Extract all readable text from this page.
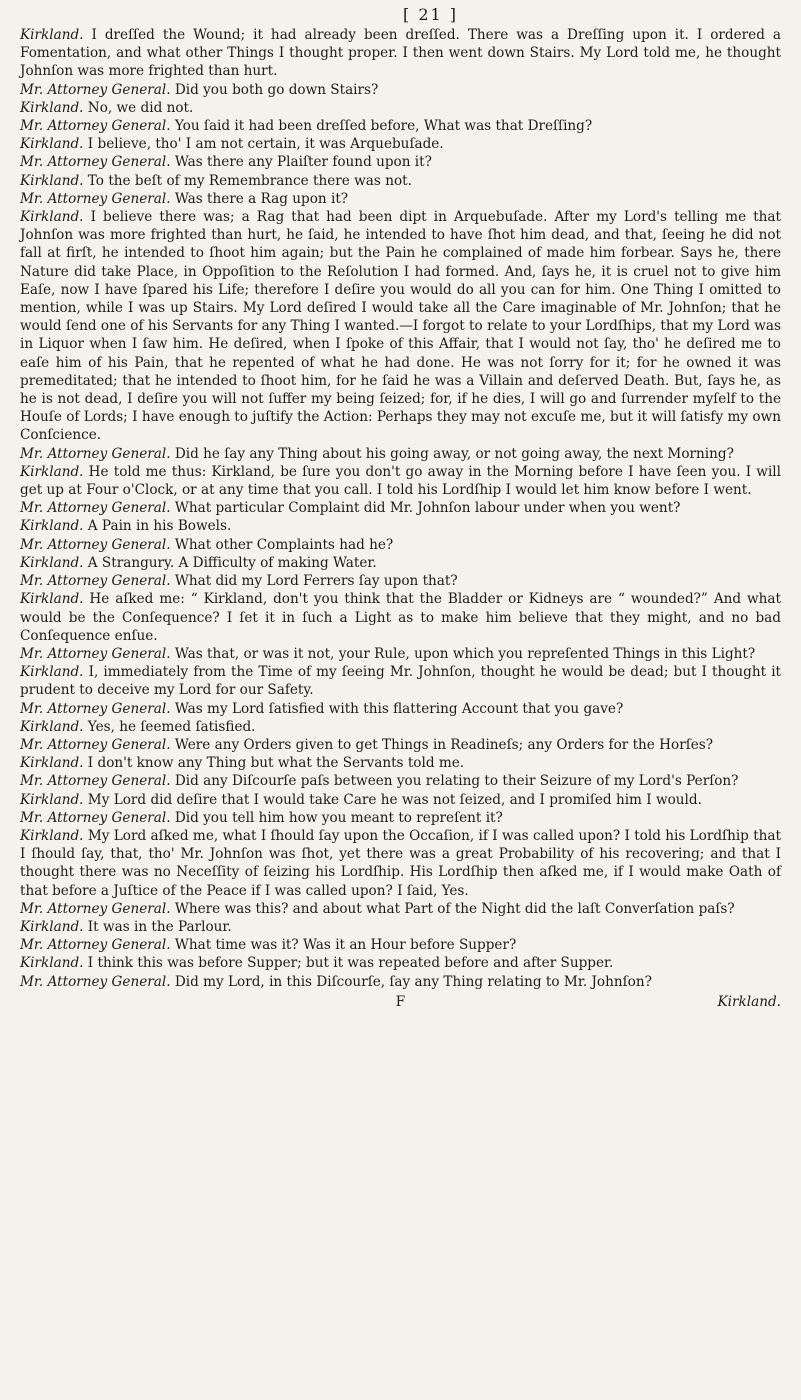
[ 21 ]

Kirkland. I dreſſed the Wound; it had already been dreſſed. There was a Dreſſing upon it. I ordered a Fomentation, and what other Things I thought proper. I then went down Stairs. My Lord told me, he thought Johnſon was more frighted than hurt.

Mr. Attorney General. Did you both go down Stairs?

Kirkland. No, we did not.

Mr. Attorney General. You ſaid it had been dreſſed before, What was that Dreſſing?

Kirkland. I believe, tho' I am not certain, it was Arquebuſade.

Mr. Attorney General. Was there any Plaiſter found upon it?

Kirkland. To the beſt of my Remembrance there was not.

Mr. Attorney General. Was there a Rag upon it?

Kirkland. I believe there was; a Rag that had been dipt in Arquebuſade. After my Lord's telling me that Johnſon was more frighted than hurt, he ſaid, he intended to have ſhot him dead, and that, ſeeing he did not fall at firſt, he intended to ſhoot him again; but the Pain he complained of made him forbear. Says he, there Nature did take Place, in Oppoſition to the Reſolution I had formed. And, ſays he, it is cruel not to give him Eaſe, now I have ſpared his Life; therefore I deſire you would do all you can for him. One Thing I omitted to mention, while I was up Stairs. My Lord deſired I would take all the Care imaginable of Mr. Johnſon; that he would ſend one of his Servants for any Thing I wanted.—I forgot to relate to your Lordſhips, that my Lord was in Liquor when I ſaw him. He deſired, when I ſpoke of this Affair, that I would not ſay, tho' he deſired me to eaſe him of his Pain, that he repented of what he had done. He was not ſorry for it; for he owned it was premeditated; that he intended to ſhoot him, for he ſaid he was a Villain and deſerved Death. But, ſays he, as he is not dead, I deſire you will not ſuffer my being ſeized; for, if he dies, I will go and ſurrender myſelf to the Houſe of Lords; I have enough to juſtify the Action: Perhaps they may not excuſe me, but it will ſatisfy my own Conſcience.

Mr. Attorney General. Did he ſay any Thing about his going away, or not going away, the next Morning?

Kirkland. He told me thus: Kirkland, be ſure you don't go away in the Morning before I have ſeen you. I will get up at Four o'Clock, or at any time that you call. I told his Lordſhip I would let him know before I went.

Mr. Attorney General. What particular Complaint did Mr. Johnſon labour under when you went?

Kirkland. A Pain in his Bowels.

Mr. Attorney General. What other Complaints had he?

Kirkland. A Strangury. A Difficulty of making Water.

Mr. Attorney General. What did my Lord Ferrers ſay upon that?

Kirkland. He aſked me: “ Kirkland, don't you think that the Bladder or Kidneys are “ wounded?” And what would be the Conſequence? I ſet it in ſuch a Light as to make him believe that they might, and no bad Conſequence enſue.

Mr. Attorney General. Was that, or was it not, your Rule, upon which you repreſented Things in this Light?

Kirkland. I, immediately from the Time of my ſeeing Mr. Johnſon, thought he would be dead; but I thought it prudent to deceive my Lord for our Safety.

Mr. Attorney General. Was my Lord ſatisfied with this flattering Account that you gave?

Kirkland. Yes, he ſeemed ſatisfied.

Mr. Attorney General. Were any Orders given to get Things in Readineſs; any Orders for the Horſes?

Kirkland. I don't know any Thing but what the Servants told me.

Mr. Attorney General. Did any Diſcourſe paſs between you relating to their Seizure of my Lord's Perſon?

Kirkland. My Lord did deſire that I would take Care he was not ſeized, and I promiſed him I would.

Mr. Attorney General. Did you tell him how you meant to repreſent it?

Kirkland. My Lord aſked me, what I ſhould ſay upon the Occaſion, if I was called upon? I told his Lordſhip that I ſhould ſay, that, tho' Mr. Johnſon was ſhot, yet there was a great Probability of his recovering; and that I thought there was no Neceſſity of ſeizing his Lordſhip. His Lordſhip then aſked me, if I would make Oath of that before a Juſtice of the Peace if I was called upon? I ſaid, Yes.

Mr. Attorney General. Where was this? and about what Part of the Night did the laſt Converſation paſs?

Kirkland. It was in the Parlour.

Mr. Attorney General. What time was it? Was it an Hour before Supper?

Kirkland. I think this was before Supper; but it was repeated before and after Supper.

Mr. Attorney General. Did my Lord, in this Diſcourſe, ſay any Thing relating to Mr. Johnſon?

F	Kirkland.
